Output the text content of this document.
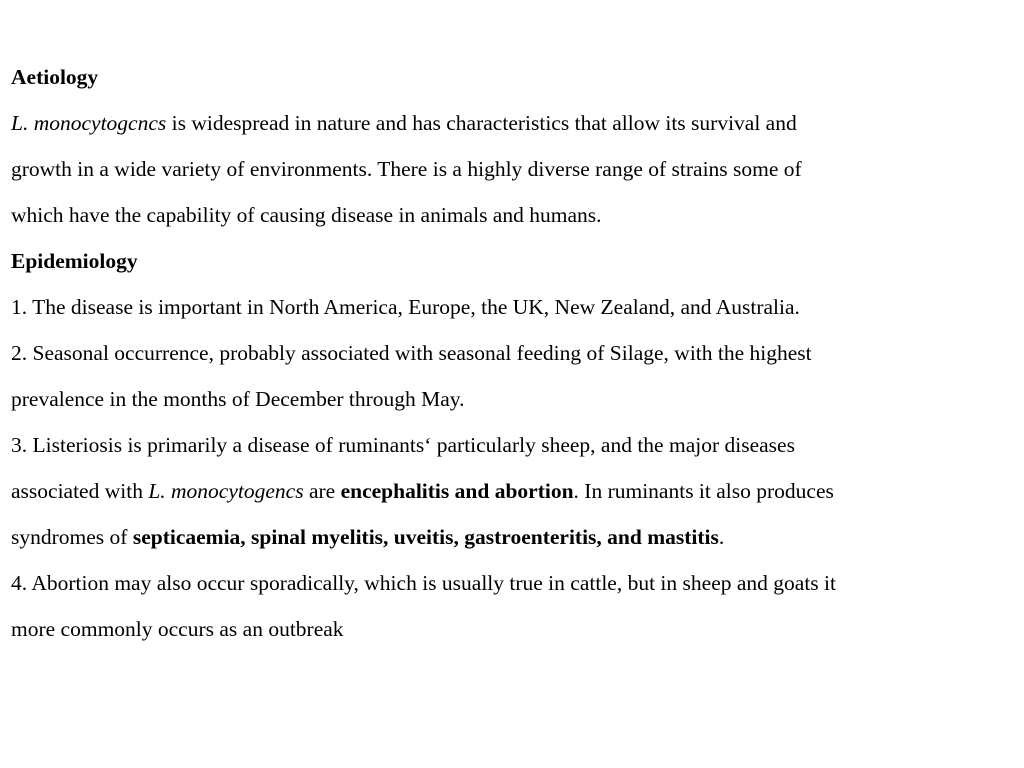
Aetiology
L. monocytogcncs is widespread in nature and has characteristics that allow its survival and
growth in a wide variety of environments. There is a highly diverse range of strains some of
which have the capability of causing disease in animals and humans.
Epidemiology
1. The disease is important in North America, Europe, the UK, New Zealand, and Australia.
2. Seasonal occurrence, probably associated with seasonal feeding of Silage, with the highest
prevalence in the months of December through May.
3. Listeriosis is primarily a disease of ruminants‘ particularly sheep, and the major diseases
associated with L. monocytogencs are encephalitis and abortion. In ruminants it also produces
syndromes of septicaemia, spinal myelitis, uveitis, gastroenteritis, and mastitis.
4. Abortion may also occur sporadically, which is usually true in cattle, but in sheep and goats it
more commonly occurs as an outbreak
